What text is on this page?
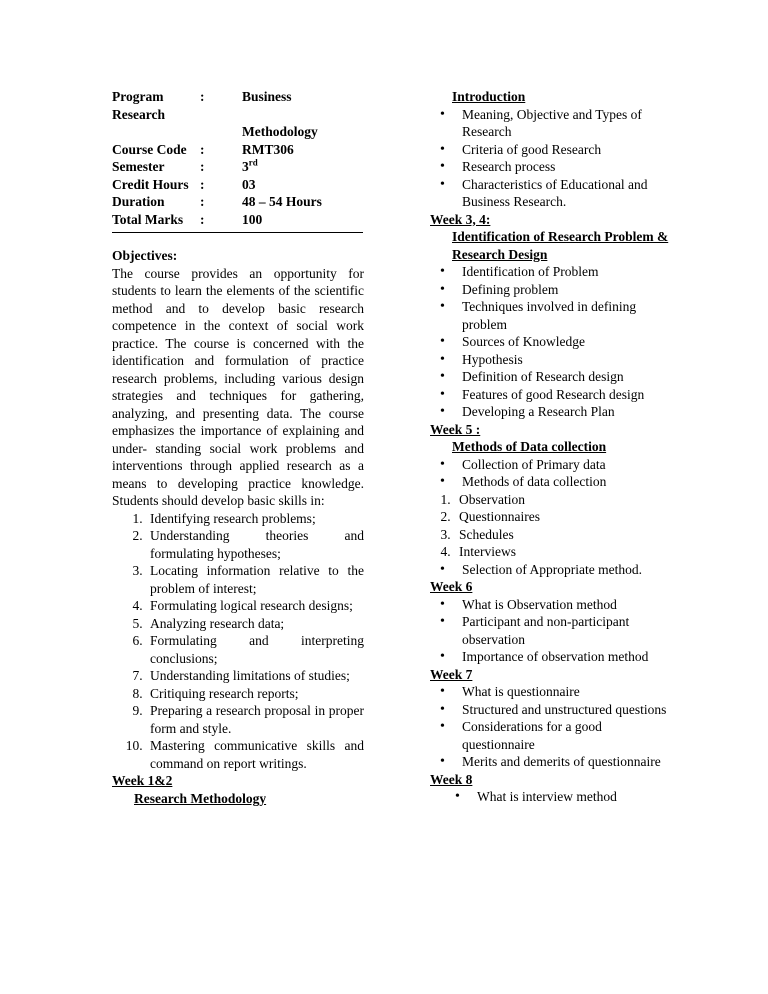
Program	:	Business
Research
Methodology
Course Code	:	RMT306
Semester	:	3rd
Credit Hours	:	03
Duration	:	48 – 54 Hours
Total Marks	:	100
Objectives:

The course provides an opportunity for students to learn the elements of the scientific method and to develop basic research competence in the context of social work practice. The course is concerned with the identification and formulation of practice research problems, including various design strategies and techniques for gathering, analyzing, and presenting data. The course emphasizes the importance of explaining and under- standing social work problems and interventions through applied research as a means to developing practice knowledge. Students should develop basic skills in:

1. Identifying research problems;
2. Understanding theories and formulating hypotheses;
3. Locating information relative to the problem of interest;
4. Formulating logical research designs;
5. Analyzing research data;
6. Formulating and interpreting conclusions;
7. Understanding limitations of studies;
8. Critiquing research reports;
9. Preparing a research proposal in proper form and style.
10. Mastering communicative skills and command on report writings.
Week 1&2
Research Methodology
Introduction
• Meaning, Objective and Types of Research
• Criteria of good Research
• Research process
• Characteristics of Educational and Business Research.
Week 3, 4:
Identification of Research Problem & Research Design
• Identification of Problem
• Defining problem
• Techniques involved in defining problem
• Sources of Knowledge
• Hypothesis
• Definition of Research design
• Features of good Research design
• Developing a Research Plan
Week 5 :
Methods of Data collection
• Collection of Primary data
• Methods of data collection
1. Observation
2. Questionnaires
3. Schedules
4. Interviews
• Selection of Appropriate method.
Week 6
• What is Observation method
• Participant and non-participant observation
• Importance of observation method
Week 7
• What is questionnaire
• Structured and unstructured questions
• Considerations for a good questionnaire
• Merits and demerits of questionnaire
Week 8
• What is interview method
